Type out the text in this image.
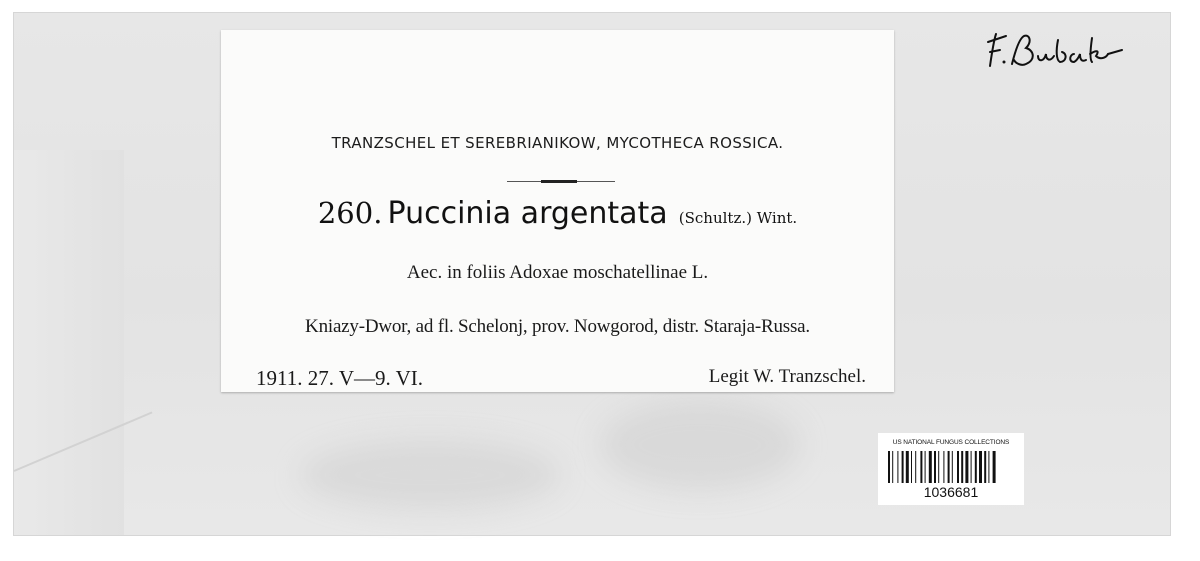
TRANZSCHEL ET SEREBRIANIKOW, MYCOTHECA ROSSICA.

260. Puccinia argentata (Schultz.) Wint.
Aec. in foliis Adoxae moschatellinae L.
Kniazy-Dwor, ad fl. Schelonj, prov. Nowgorod, distr. Staraja-Russa.
1911. 27. V—9. VI.	Legit W. Tranzschel.
US NATIONAL FUNGUS COLLECTIONS
1036681
